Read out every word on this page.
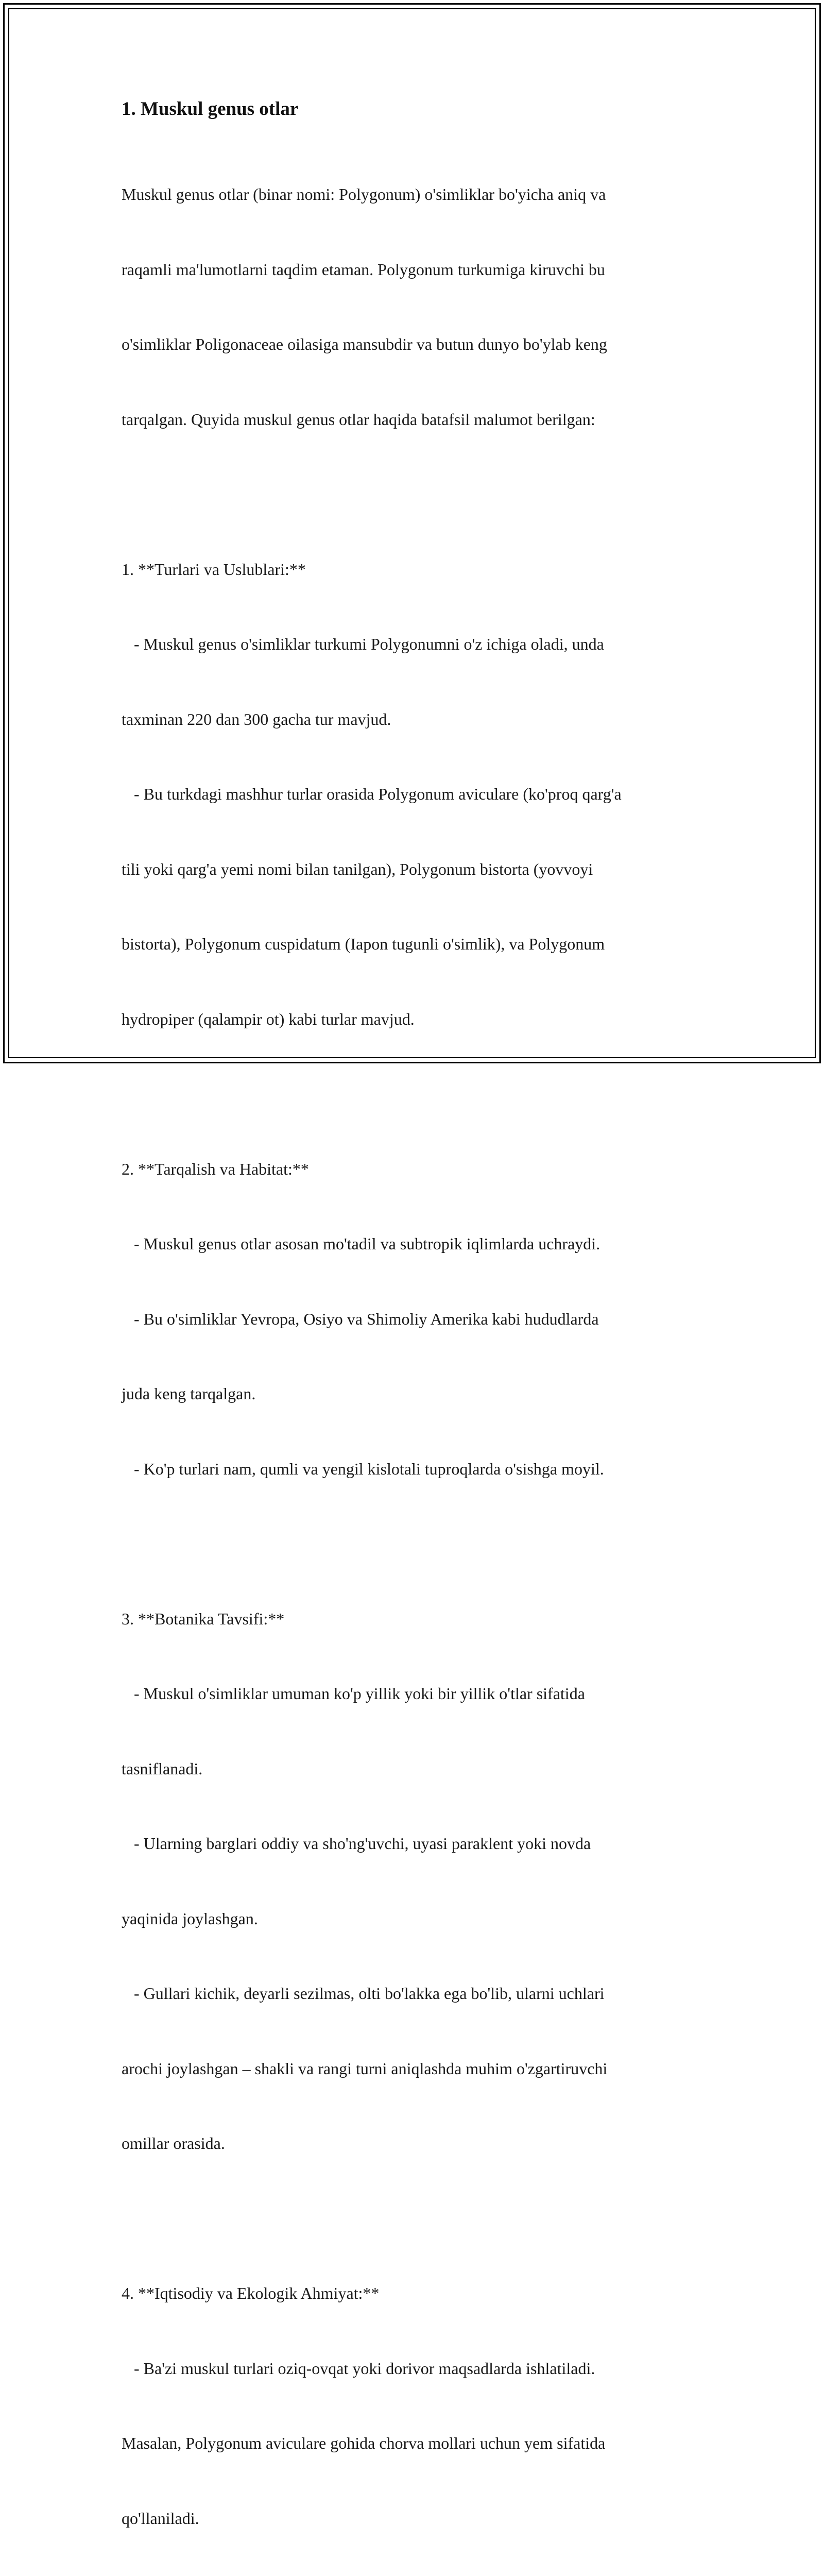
1. Muskul genus otlar

Muskul genus otlar (binar nomi: Polygonum) o'simliklar bo'yicha aniq va

raqamli ma'lumotlarni taqdim etaman. Polygonum turkumiga kiruvchi bu

o'simliklar Poligonaceae oilasiga mansubdir va butun dunyo bo'ylab keng

tarqalgan. Quyida muskul genus otlar haqida batafsil malumot berilgan:

1. **Turlari va Uslublari:**

- Muskul genus o'simliklar turkumi Polygonumni o'z ichiga oladi, unda

taxminan 220 dan 300 gacha tur mavjud.

- Bu turkdagi mashhur turlar orasida Polygonum aviculare (ko'proq qarg'a

tili yoki qarg'a yemi nomi bilan tanilgan), Polygonum bistorta (yovvoyi

bistorta), Polygonum cuspidatum (Iapon tugunli o'simlik), va Polygonum

hydropiper (qalampir ot) kabi turlar mavjud.

2. **Tarqalish va Habitat:**

- Muskul genus otlar asosan mo'tadil va subtropik iqlimlarda uchraydi.

- Bu o'simliklar Yevropa, Osiyo va Shimoliy Amerika kabi hududlarda

juda keng tarqalgan.

- Ko'p turlari nam, qumli va yengil kislotali tuproqlarda o'sishga moyil.

3. **Botanika Tavsifi:**

- Muskul o'simliklar umuman ko'p yillik yoki bir yillik o'tlar sifatida

tasniflanadi.

- Ularning barglari oddiy va sho'ng'uvchi, uyasi paraklent yoki novda

yaqinida joylashgan.

- Gullari kichik, deyarli sezilmas, olti bo'lakka ega bo'lib, ularni uchlari

arochi joylashgan – shakli va rangi turni aniqlashda muhim o'zgartiruvchi

omillar orasida.

4. **Iqtisodiy va Ekologik Ahmiyat:**

- Ba'zi muskul turlari oziq-ovqat yoki dorivor maqsadlarda ishlatiladi.

Masalan, Polygonum aviculare gohida chorva mollari uchun yem sifatida

qo'llaniladi.
